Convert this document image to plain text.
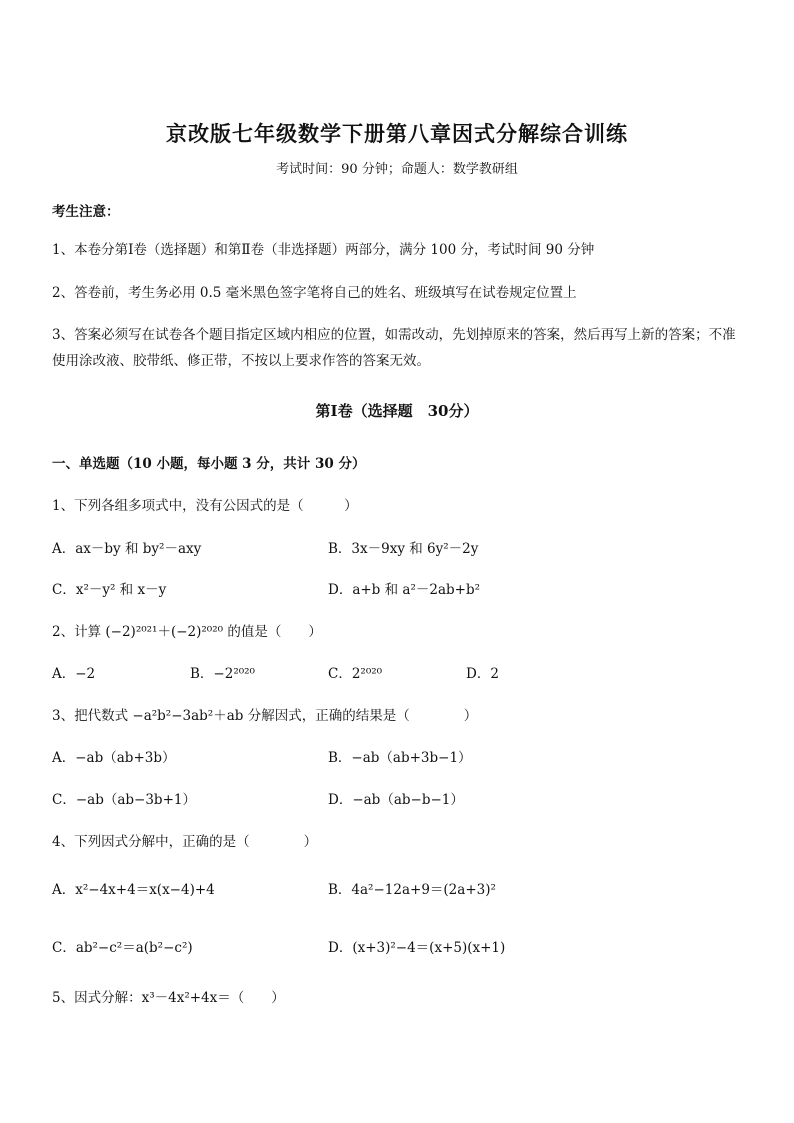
京改版七年级数学下册第八章因式分解综合训练
考试时间：90 分钟；命题人：数学教研组
考生注意：
1、本卷分第Ⅰ卷（选择题）和第Ⅱ卷（非选择题）两部分，满分 100 分，考试时间 90 分钟
2、答卷前，考生务必用 0.5 毫米黑色签字笔将自己的姓名、班级填写在试卷规定位置上
3、答案必须写在试卷各个题目指定区域内相应的位置，如需改动，先划掉原来的答案，然后再写上新的答案；不准使用涂改液、胶带纸、修正带，不按以上要求作答的答案无效。
第Ⅰ卷（选择题　30分）
一、单选题（10 小题，每小题 3 分，共计 30 分）
1、下列各组多项式中，没有公因式的是（　　　）
A．ax－by 和 by²－axy	B．3x－9xy 和 6y²－2y
C．x²－y² 和 x－y	D．a+b 和 a²－2ab+b²
2、计算 (−2)²⁰²¹＋(−2)²⁰²⁰ 的值是（　　）
A．−2	B．−2²⁰²⁰	C．2²⁰²⁰	D．2
3、把代数式 −a²b²−3ab²＋ab 分解因式，正确的结果是（　　　　）
A．−ab（ab+3b）	B．−ab（ab+3b−1）
C．−ab（ab−3b+1）	D．−ab（ab−b−1）
4、下列因式分解中，正确的是（　　　　）
A．x²−4x+4＝x(x−4)+4	B．4a²−12a+9＝(2a+3)²
C．ab²−c²＝a(b²−c²)	D．(x+3)²−4＝(x+5)(x+1)
5、因式分解：x³－4x²+4x＝（　　）
